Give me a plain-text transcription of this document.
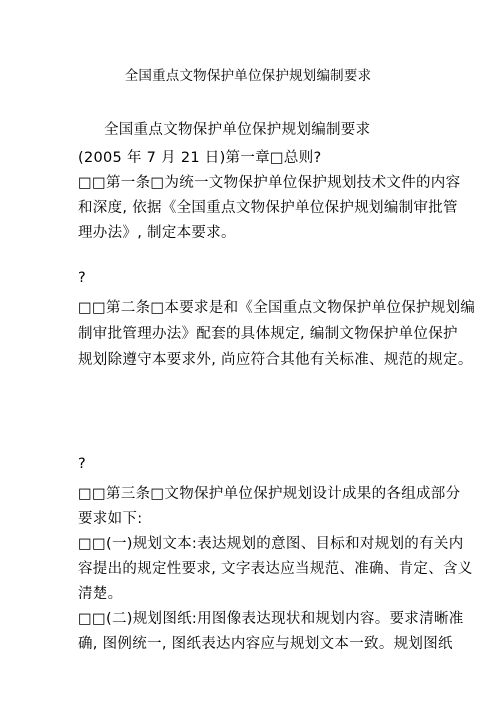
全国重点文物保护单位保护规划编制要求
全国重点文物保护单位保护规划编制要求
(2005 年 7 月 21 日)第一章□总则?
□□第一条□为统一文物保护单位保护规划技术文件的内容
和深度, 依据《全国重点文物保护单位保护规划编制审批管
理办法》, 制定本要求。
?
□□第二条□本要求是和《全国重点文物保护单位保护规划编
制审批管理办法》配套的具体规定, 编制文物保护单位保护
规划除遵守本要求外, 尚应符合其他有关标准、规范的规定。
?
□□第三条□文物保护单位保护规划设计成果的各组成部分
要求如下:
□□(一)规划文本:表达规划的意图、目标和对规划的有关内
容提出的规定性要求, 文字表达应当规范、准确、肯定、含义
清楚。
□□(二)规划图纸:用图像表达现状和规划内容。要求清晰准
确, 图例统一, 图纸表达内容应与规划文本一致。规划图纸
